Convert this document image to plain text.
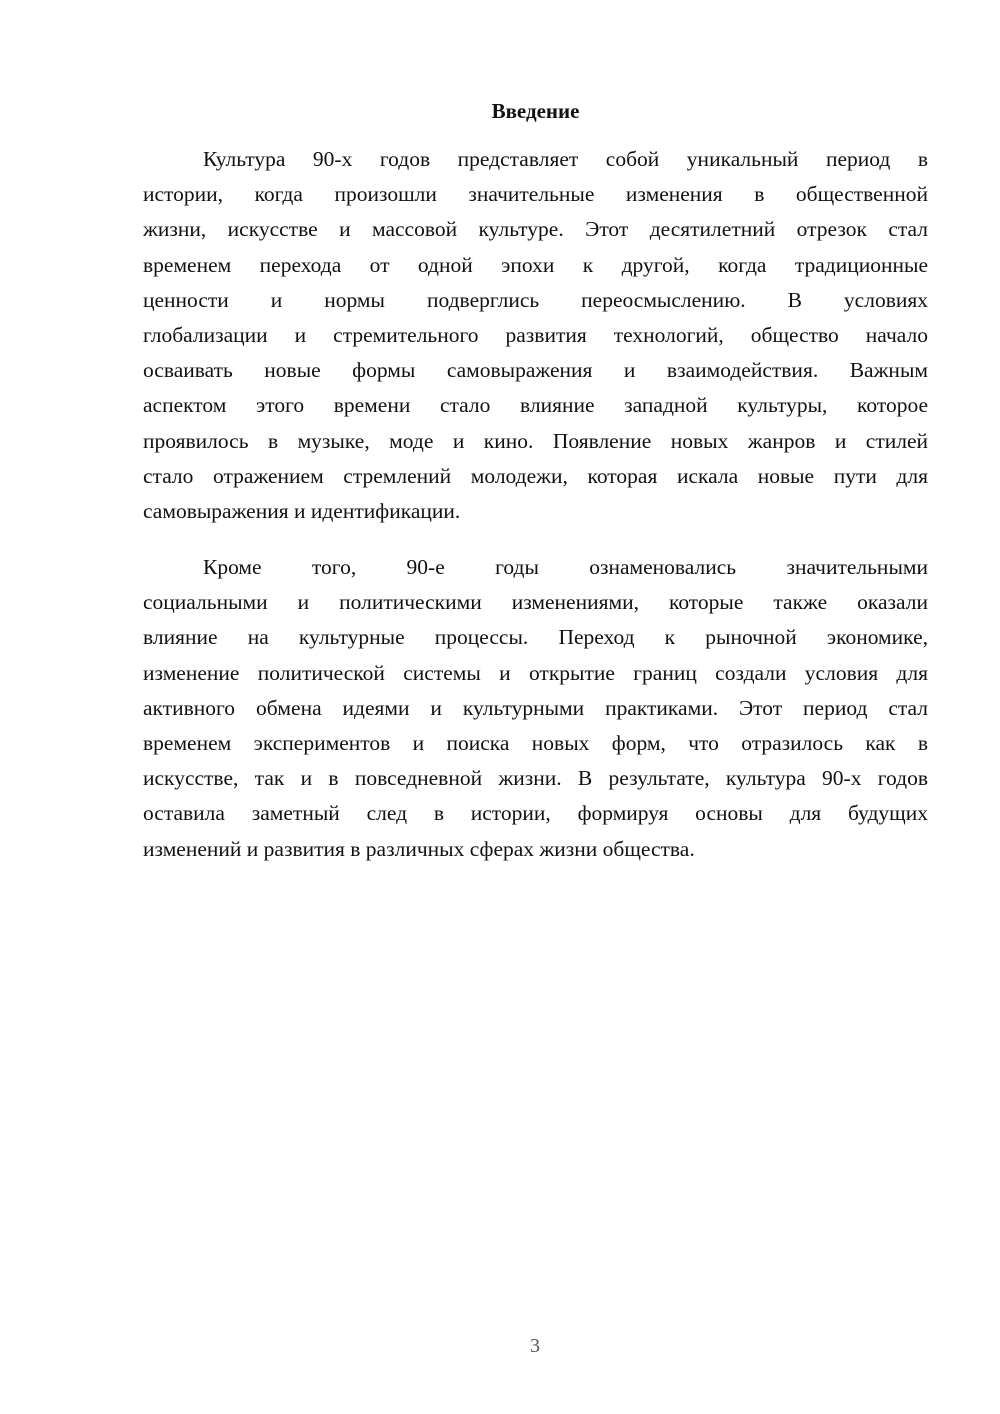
Введение
Культура 90-х годов представляет собой уникальный период в
истории, когда произошли значительные изменения в общественной
жизни, искусстве и массовой культуре. Этот десятилетний отрезок стал
временем перехода от одной эпохи к другой, когда традиционные
ценности и нормы подверглись переосмыслению. В условиях
глобализации и стремительного развития технологий, общество начало
осваивать новые формы самовыражения и взаимодействия. Важным
аспектом этого времени стало влияние западной культуры, которое
проявилось в музыке, моде и кино. Появление новых жанров и стилей
стало отражением стремлений молодежи, которая искала новые пути для
самовыражения и идентификации.
Кроме того, 90-е годы ознаменовались значительными
социальными и политическими изменениями, которые также оказали
влияние на культурные процессы. Переход к рыночной экономике,
изменение политической системы и открытие границ создали условия для
активного обмена идеями и культурными практиками. Этот период стал
временем экспериментов и поиска новых форм, что отразилось как в
искусстве, так и в повседневной жизни. В результате, культура 90-х годов
оставила заметный след в истории, формируя основы для будущих
изменений и развития в различных сферах жизни общества.
3
